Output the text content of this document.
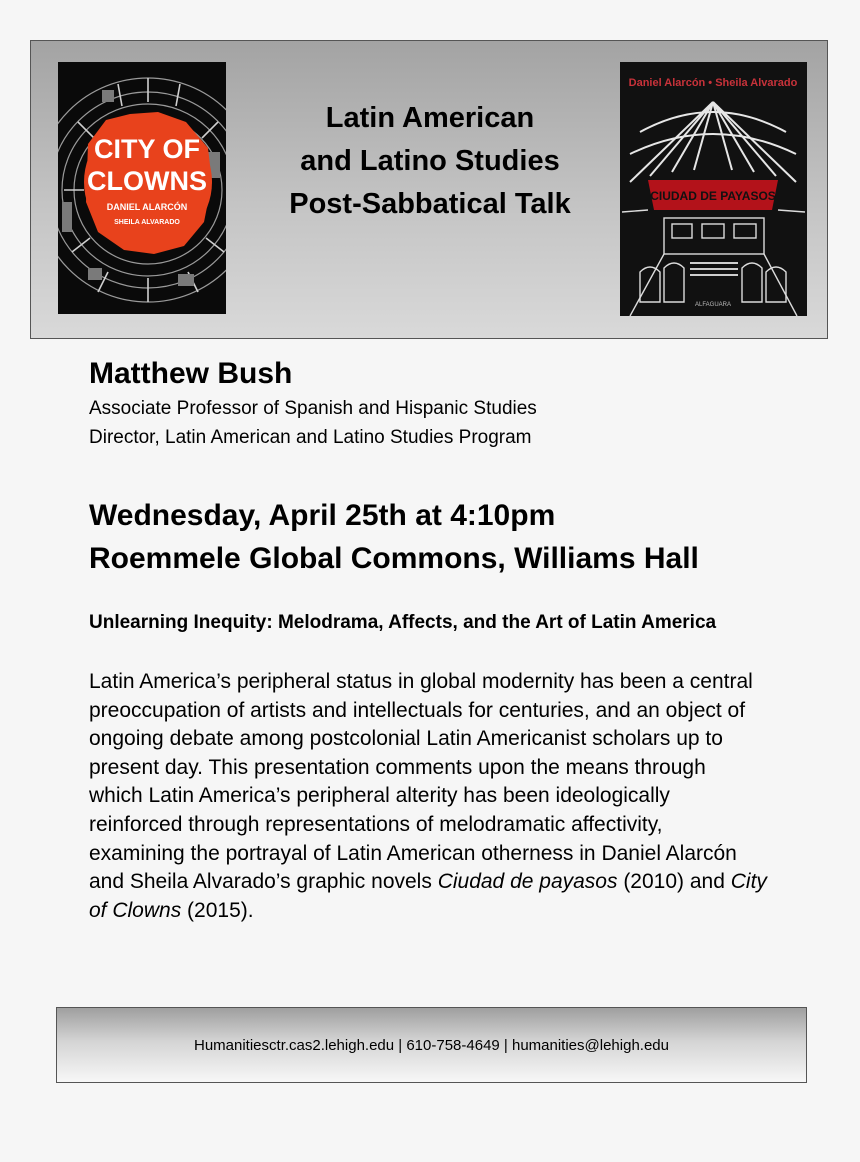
CITY OF
CLOWNS
DANIEL ALARCÓN
SHEILA ALVARADO
Latin American
and Latino Studies
Post-Sabbatical Talk
Daniel Alarcón • Sheila Alvarado
CIUDAD DE PAYASOS
ALFAGUARA
Matthew Bush
Associate Professor of Spanish and Hispanic Studies
Director, Latin American and Latino Studies Program
Wednesday, April 25th at 4:10pm
Roemmele Global Commons, Williams Hall
Unlearning Inequity: Melodrama, Affects, and the Art of Latin America
Latin America’s peripheral status in global modernity has been a central
preoccupation of artists and intellectuals for centuries, and an object of
ongoing debate among postcolonial Latin Americanist scholars up to
present day. This presentation comments upon the means through
which Latin America’s peripheral alterity has been ideologically
reinforced through representations of melodramatic affectivity,
examining the portrayal of Latin American otherness in Daniel Alarcón
and Sheila Alvarado’s graphic novels Ciudad de payasos (2010) and City
of Clowns (2015).
Humanitiesctr.cas2.lehigh.edu | 610-758-4649 | humanities@lehigh.edu
